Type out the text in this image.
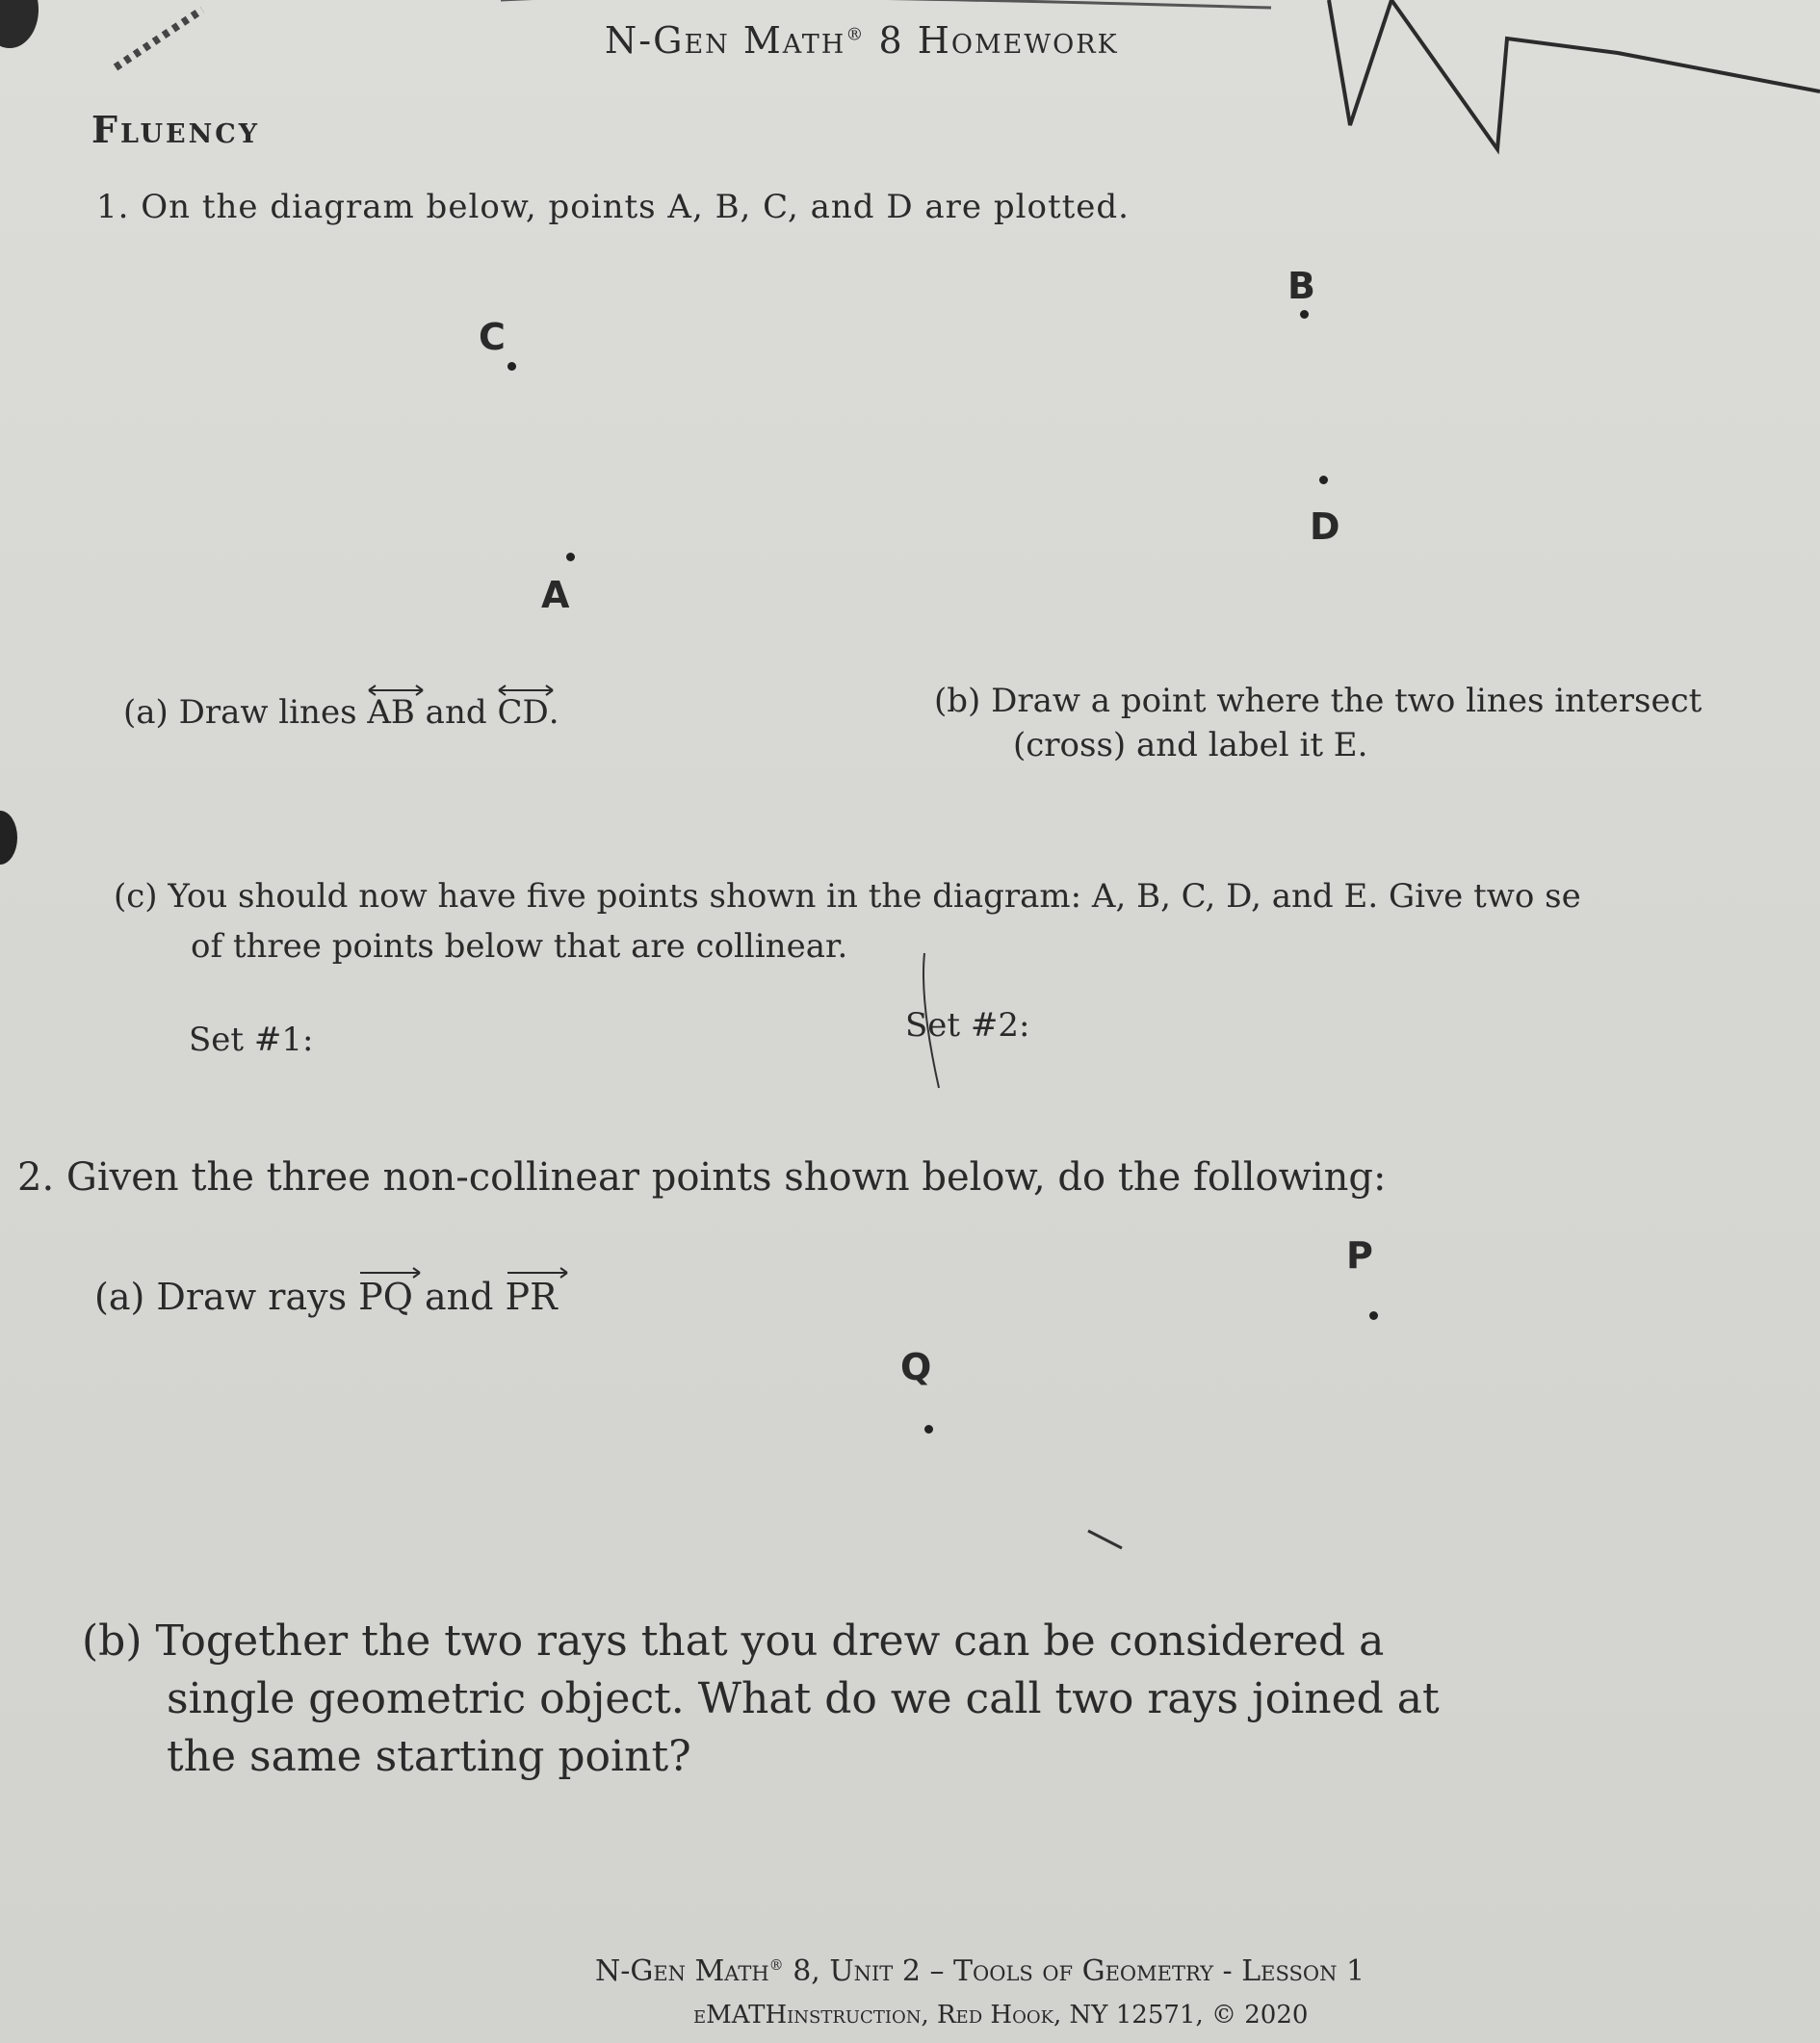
N-Gen Math® 8 Homework
Fluency
1. On the diagram below, points A, B, C, and D are plotted.
B
C
D
A
(a) Draw lines
AB and
CD.	(b) Draw a point where the two lines intersect
(cross) and label it E.
(c) You should now have five points shown in the diagram: A, B, C, D, and E. Give two se
of three points below that are collinear.
Set #1:	Set #2:
2. Given the three non-collinear points shown below, do the following:
P
Q
(a) Draw rays
PQ and
PR
(b) Together the two rays that you drew can be considered a
single geometric object. What do we call two rays joined at
the same starting point?
N-Gen Math® 8, Unit 2 – Tools of Geometry - Lesson 1
eMATHinstruction, Red Hook, NY 12571, © 2020
